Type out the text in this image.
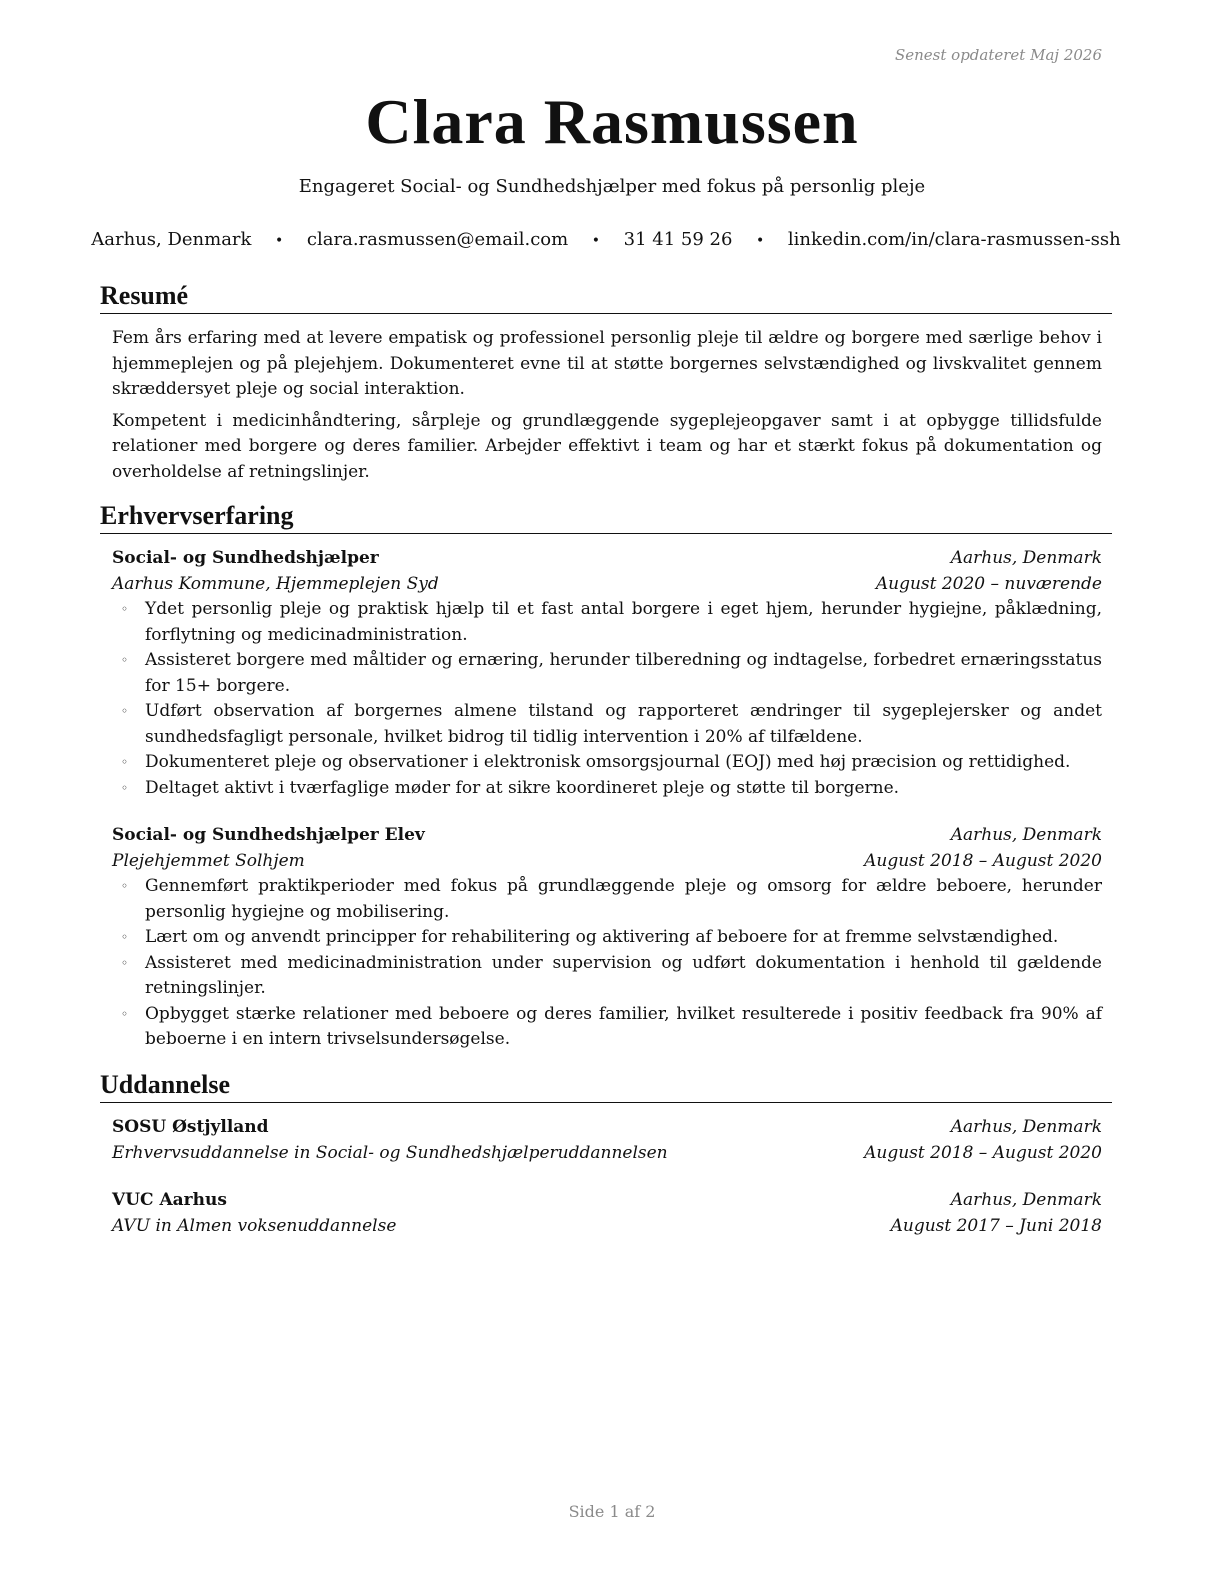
Senest opdateret Maj 2026
Clara Rasmussen
Engageret Social- og Sundhedshjælper med fokus på personlig pleje
Aarhus, Denmark • clara.rasmussen@email.com • 31 41 59 26 • linkedin.com/in/clara-rasmussen-ssh
Resumé

Fem års erfaring med at levere empatisk og professionel personlig pleje til ældre og borgere med særlige behov i hjemmeplejen og på plejehjem. Dokumenteret evne til at støtte borgernes selvstændighed og livskvalitet gennem skræddersyet pleje og social interaktion.

Kompetent i medicinhåndtering, sårpleje og grundlæggende sygeplejeopgaver samt i at opbygge tillidsfulde relationer med borgere og deres familier. Arbejder effektivt i team og har et stærkt fokus på dokumentation og overholdelse af retningslinjer.

Erhvervserfaring
Social- og Sundhedshjælper	Aarhus, Denmark
Aarhus Kommune, Hjemmeplejen Syd	August 2020 – nuværende
◦ Ydet personlig pleje og praktisk hjælp til et fast antal borgere i eget hjem, herunder hygiejne, påklædning, forflytning og medicinadministration.
◦ Assisteret borgere med måltider og ernæring, herunder tilberedning og indtagelse, forbedret ernæringsstatus for 15+ borgere.
◦ Udført observation af borgernes almene tilstand og rapporteret ændringer til sygeplejersker og andet sundhedsfagligt personale, hvilket bidrog til tidlig intervention i 20% af tilfældene.
◦ Dokumenteret pleje og observationer i elektronisk omsorgsjournal (EOJ) med høj præcision og rettidighed.
◦ Deltaget aktivt i tværfaglige møder for at sikre koordineret pleje og støtte til borgerne.
Social- og Sundhedshjælper Elev	Aarhus, Denmark
Plejehjemmet Solhjem	August 2018 – August 2020
◦ Gennemført praktikperioder med fokus på grundlæggende pleje og omsorg for ældre beboere, herunder personlig hygiejne og mobilisering.
◦ Lært om og anvendt principper for rehabilitering og aktivering af beboere for at fremme selvstændighed.
◦ Assisteret med medicinadministration under supervision og udført dokumentation i henhold til gældende retningslinjer.
◦ Opbygget stærke relationer med beboere og deres familier, hvilket resulterede i positiv feedback fra 90% af beboerne i en intern trivselsundersøgelse.
Uddannelse
SOSU Østjylland	Aarhus, Denmark
Erhvervsuddannelse in Social- og Sundhedshjælperuddannelsen	August 2018 – August 2020
VUC Aarhus	Aarhus, Denmark
AVU in Almen voksenuddannelse	August 2017 – Juni 2018
Side 1 af 2
